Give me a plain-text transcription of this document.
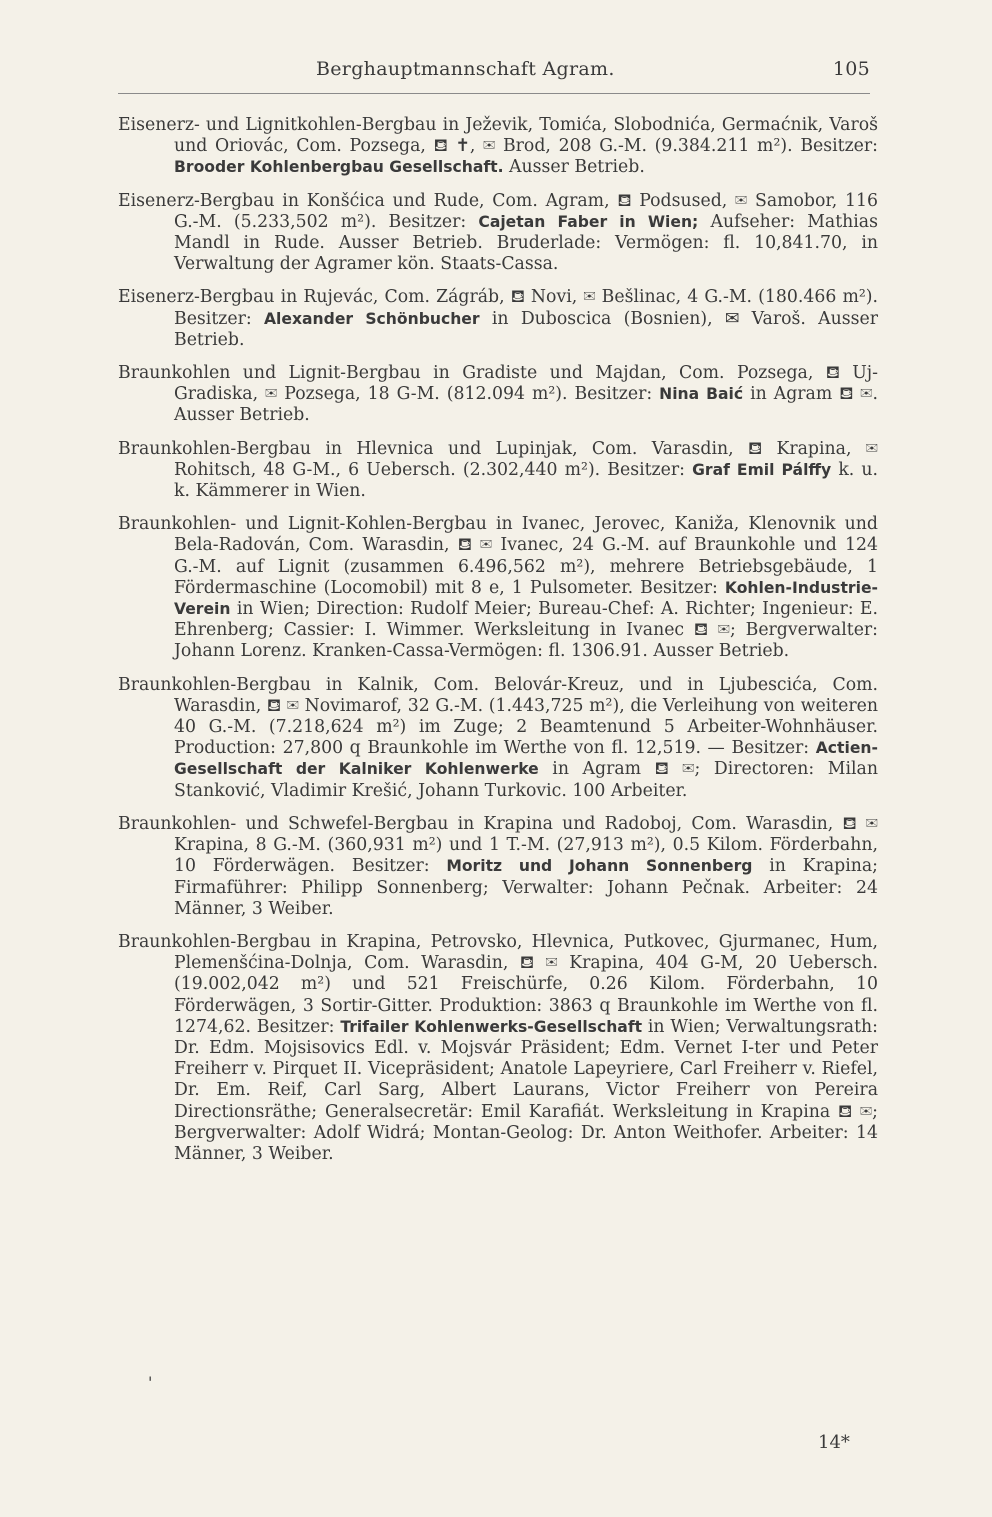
Berghauptmannschaft Agram.	105

Eisenerz- und Lignitkohlen-Bergbau in Ježevik, Tomića, Slobodnića, Germaćnik, Varoš und Oriovác, Com. Pozsega, ⛾ ✝, ✉ Brod, 208 G.-M. (9.384.211 m²). Besitzer: Brooder Kohlenbergbau Gesellschaft. Ausser Betrieb.

Eisenerz-Bergbau in Konšćica und Rude, Com. Agram, ⛾ Podsused, ✉ Samobor, 116 G.-M. (5.233,502 m²). Besitzer: Cajetan Faber in Wien; Aufseher: Mathias Mandl in Rude. Ausser Betrieb. Bruderlade: Vermögen: fl. 10,841.70, in Verwaltung der Agramer kön. Staats-Cassa.

Eisenerz-Bergbau in Rujevác, Com. Zágráb, ⛾ Novi, ✉ Bešlinac, 4 G.-M. (180.466 m²). Besitzer: Alexander Schönbucher in Duboscica (Bosnien), ✉ Varoš. Ausser Betrieb.

Braunkohlen und Lignit-Bergbau in Gradiste und Majdan, Com. Pozsega, ⛾ Uj-Gradiska, ✉ Pozsega, 18 G-M. (812.094 m²). Besitzer: Nina Baić in Agram ⛾ ✉. Ausser Betrieb.

Braunkohlen-Bergbau in Hlevnica und Lupinjak, Com. Varasdin, ⛾ Krapina, ✉ Rohitsch, 48 G-M., 6 Uebersch. (2.302,440 m²). Besitzer: Graf Emil Pálffy k. u. k. Kämmerer in Wien.

Braunkohlen- und Lignit-Kohlen-Bergbau in Ivanec, Jerovec, Kaniža, Klenovnik und Bela-Radován, Com. Warasdin, ⛾ ✉ Ivanec, 24 G.-M. auf Braunkohle und 124 G.-M. auf Lignit (zusammen 6.496,562 m²), mehrere Betriebsgebäude, 1 Fördermaschine (Locomobil) mit 8 e, 1 Pulsometer. Besitzer: Kohlen-Industrie-Verein in Wien; Direction: Rudolf Meier; Bureau-Chef: A. Richter; Ingenieur: E. Ehrenberg; Cassier: I. Wimmer. Werksleitung in Ivanec ⛾ ✉; Bergverwalter: Johann Lorenz. Kranken-Cassa-Vermögen: fl. 1306.91. Ausser Betrieb.

Braunkohlen-Bergbau in Kalnik, Com. Belovár-Kreuz, und in Ljubescića, Com. Warasdin, ⛾ ✉ Novimarof, 32 G.-M. (1.443,725 m²), die Verleihung von weiteren 40 G.-M. (7.218,624 m²) im Zuge; 2 Beamtenund 5 Arbeiter-Wohnhäuser. Production: 27,800 q Braunkohle im Werthe von fl. 12,519. — Besitzer: Actien-Gesellschaft der Kalniker Kohlenwerke in Agram ⛾ ✉; Directoren: Milan Stanković, Vladimir Krešić, Johann Turkovic. 100 Arbeiter.

Braunkohlen- und Schwefel-Bergbau in Krapina und Radoboj, Com. Warasdin, ⛾ ✉ Krapina, 8 G.-M. (360,931 m²) und 1 T.-M. (27,913 m²), 0.5 Kilom. Förderbahn, 10 Förderwägen. Besitzer: Moritz und Johann Sonnenberg in Krapina; Firmaführer: Philipp Sonnenberg; Verwalter: Johann Pečnak. Arbeiter: 24 Männer, 3 Weiber.

Braunkohlen-Bergbau in Krapina, Petrovsko, Hlevnica, Putkovec, Gjurmanec, Hum, Plemenšćina-Dolnja, Com. Warasdin, ⛾ ✉ Krapina, 404 G-M, 20 Uebersch. (19.002,042 m²) und 521 Freischürfe, 0.26 Kilom. Förderbahn, 10 Förderwägen, 3 Sortir-Gitter. Produktion: 3863 q Braunkohle im Werthe von fl. 1274,62. Besitzer: Trifailer Kohlenwerks-Gesellschaft in Wien; Verwaltungsrath: Dr. Edm. Mojsisovics Edl. v. Mojsvár Präsident; Edm. Vernet I-ter und Peter Freiherr v. Pirquet II. Vicepräsident; Anatole Lapeyriere, Carl Freiherr v. Riefel, Dr. Em. Reif, Carl Sarg, Albert Laurans, Victor Freiherr von Pereira Directionsräthe; Generalsecretär: Emil Karafiát. Werksleitung in Krapina ⛾ ✉; Bergverwalter: Adolf Widrá; Montan-Geolog: Dr. Anton Weithofer. Arbeiter: 14 Männer, 3 Weiber.

'
14*
